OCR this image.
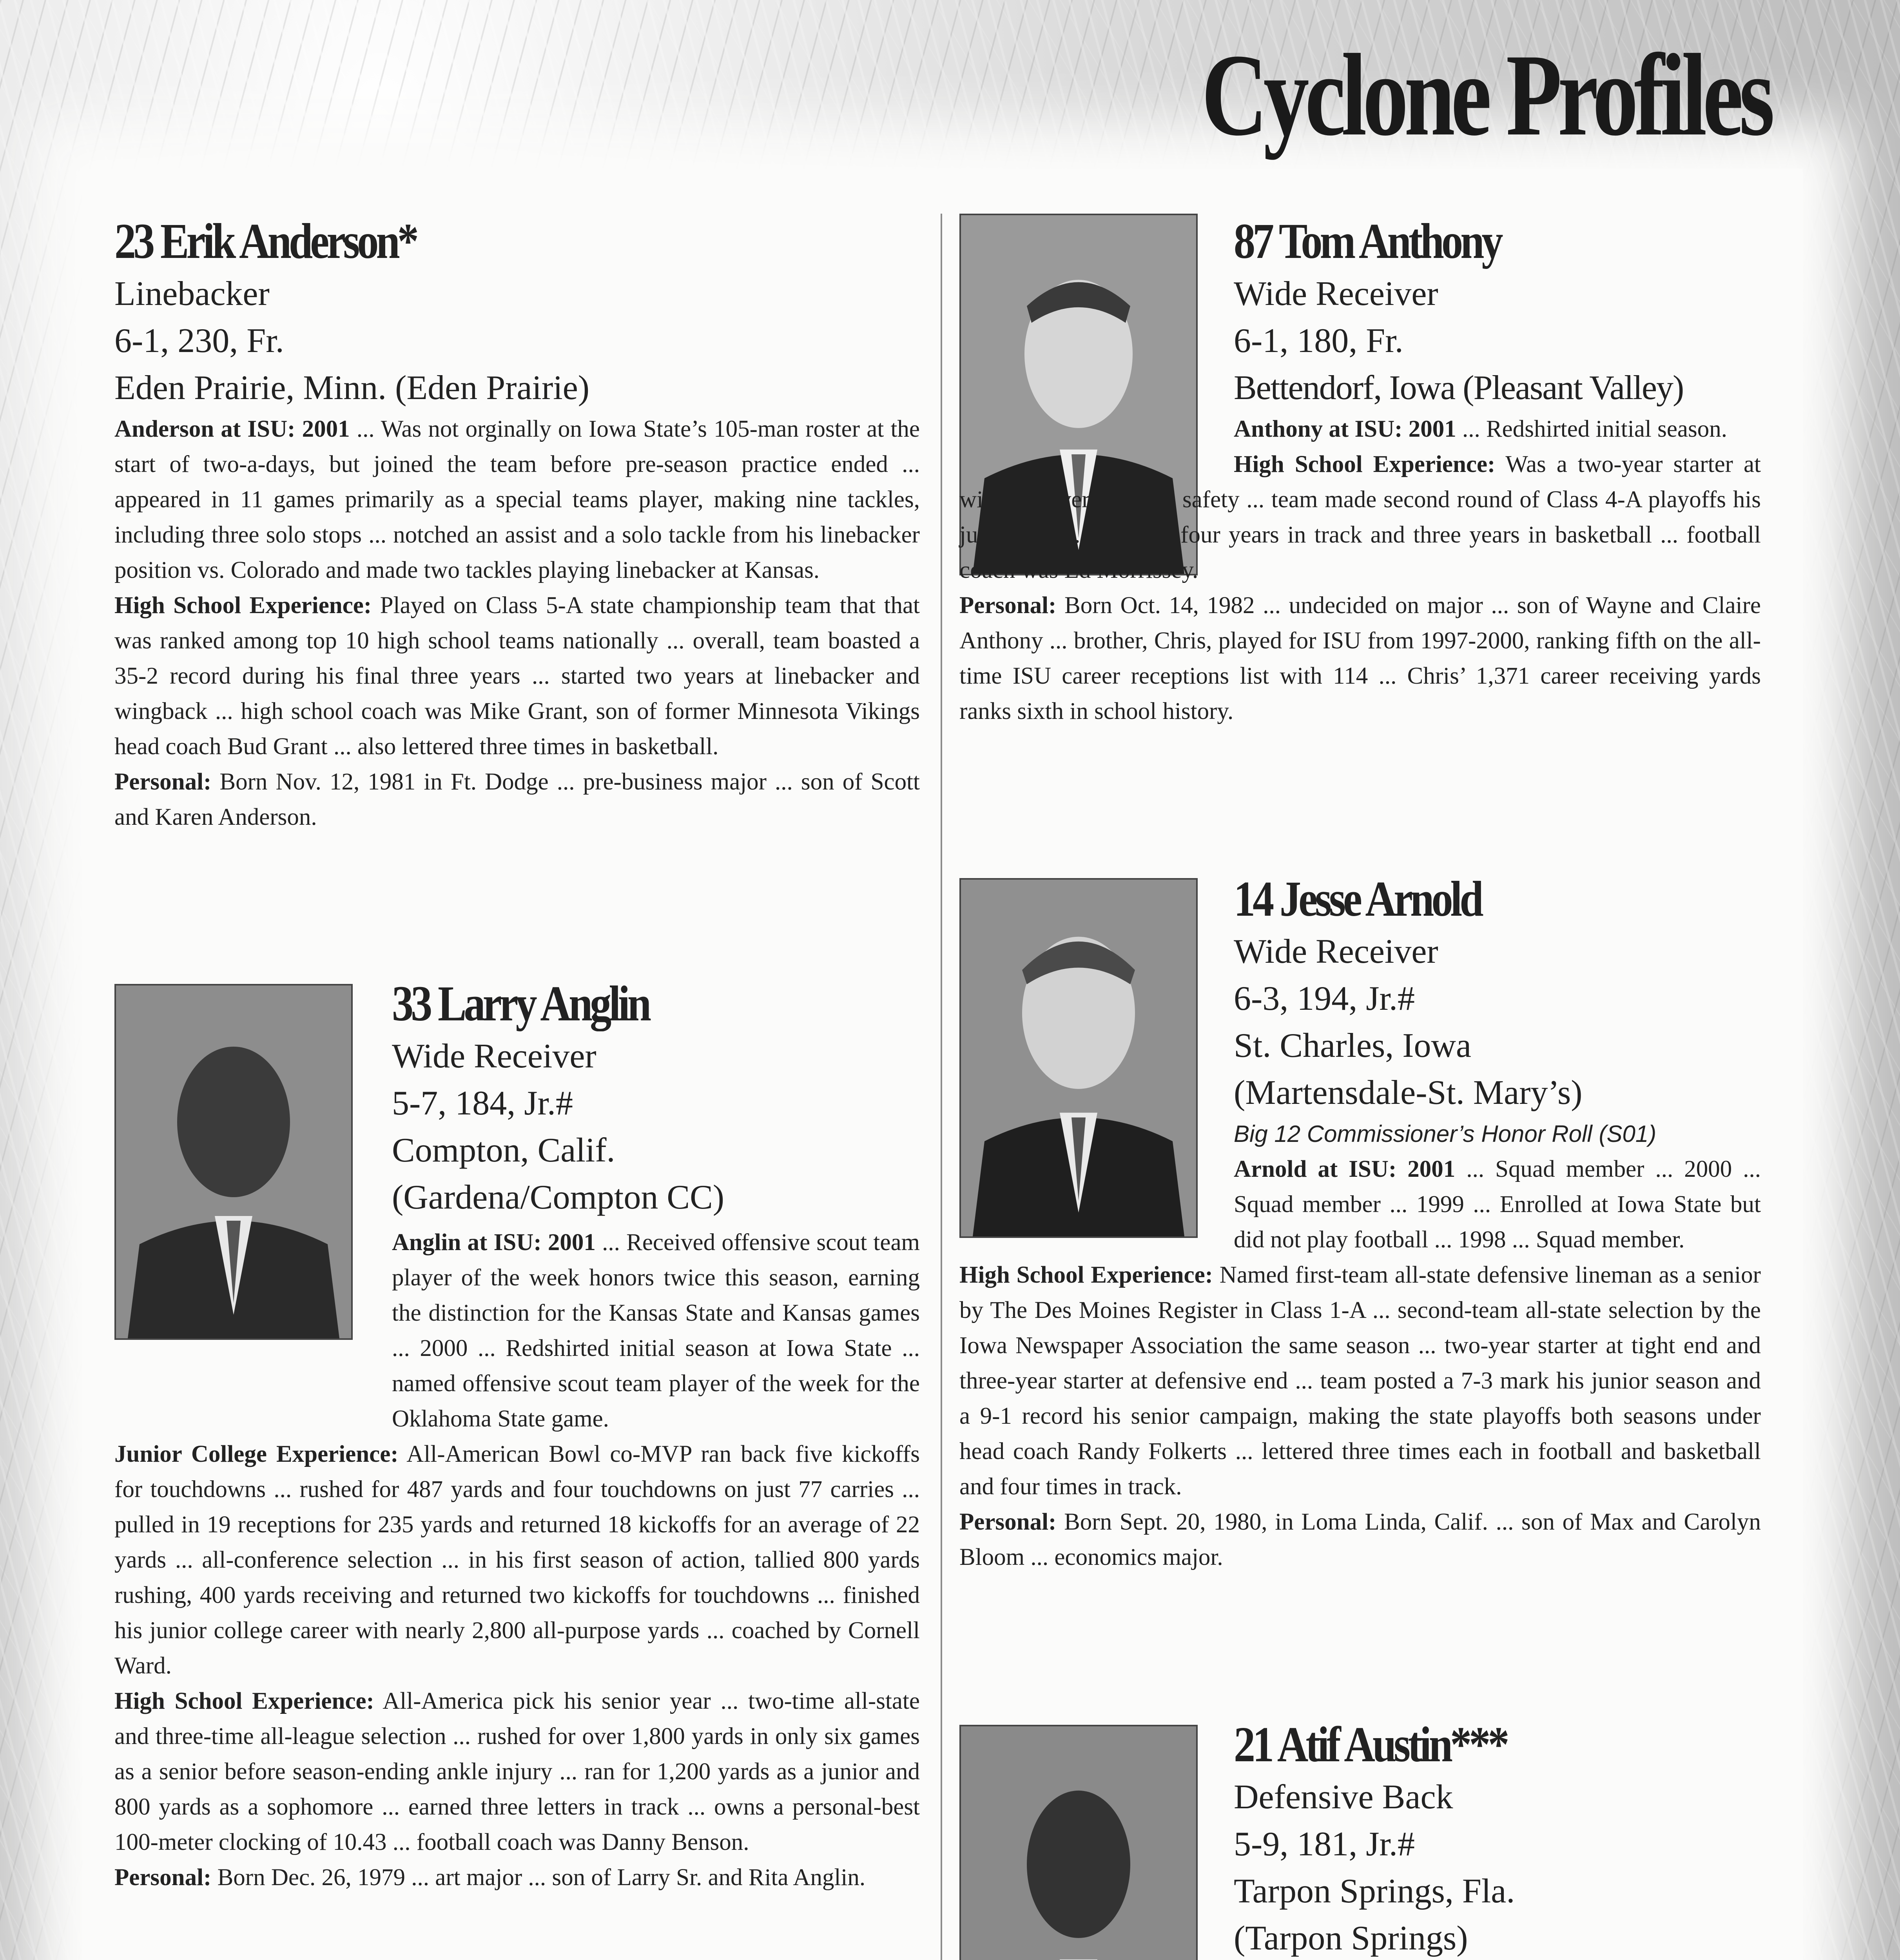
Cyclone Profiles
23 Erik Anderson*
Linebacker
6-1, 230, Fr.
Eden Prairie, Minn. (Eden Prairie)

Anderson at ISU: 2001 ... Was not orginally on Iowa State’s 105-man roster at the start of two-a-days, but joined the team before pre-season practice ended ... appeared in 11 games primarily as a special teams player, making nine tackles, including three solo stops ... notched an assist and a solo tackle from his linebacker position vs. Colorado and made two tackles playing linebacker at Kansas.

High School Experience: Played on Class 5-A state championship team that that was ranked among top 10 high school teams nationally ... overall, team boasted a 35-2 record during his final three years ... started two years at linebacker and wingback ... high school coach was Mike Grant, son of former Minnesota Vikings head coach Bud Grant ... also lettered three times in basketball.

Personal: Born Nov. 12, 1981 in Ft. Dodge ... pre-business major ... son of Scott and Karen Anderson.

33 Larry Anglin
Wide Receiver
5-7, 184, Jr.#
Compton, Calif.
(Gardena/Compton CC)

Anglin at ISU: 2001 ... Received offensive scout team player of the week honors twice this season, earning the distinction for the Kansas State and Kansas games ... 2000 ... Redshirted initial season at Iowa State ... named offensive scout team player of the week for the Oklahoma State game.

Junior College Experience: All-American Bowl co-MVP ran back five kickoffs for touchdowns ... rushed for 487 yards and four touchdowns on just 77 carries ... pulled in 19 receptions for 235 yards and returned 18 kickoffs for an average of 22 yards ... all-conference selection ... in his first season of action, tallied 800 yards rushing, 400 yards receiving and returned two kickoffs for touchdowns ... finished his junior college career with nearly 2,800 all-purpose yards ... coached by Cornell Ward.

High School Experience: All-America pick his senior year ... two-time all-state and three-time all-league selection ... rushed for over 1,800 yards in only six games as a senior before season-ending ankle injury ... ran for 1,200 yards as a junior and 800 yards as a sophomore ... earned three letters in track ... owns a personal-best 100-meter clocking of 10.43 ... football coach was Danny Benson.

Personal: Born Dec. 26, 1979 ... art major ... son of Larry Sr. and Rita Anglin.

87 Tom Anthony
Wide Receiver
6-1, 180, Fr.
Bettendorf, Iowa (Pleasant Valley)

Anthony at ISU: 2001 ... Redshirted initial season.

High School Experience: Was a two-year starter at wide receiver and free safety ... team made second round of Class 4-A playoffs his junior year ... lettered four years in track and three years in basketball ... football coach was Ed Morrissey.

Personal: Born Oct. 14, 1982 ... undecided on major ... son of Wayne and Claire Anthony ... brother, Chris, played for ISU from 1997-2000, ranking fifth on the all-time ISU career receptions list with 114 ... Chris’ 1,371 career receiving yards ranks sixth in school history.

14 Jesse Arnold
Wide Receiver
6-3, 194, Jr.#
St. Charles, Iowa
(Martensdale-St. Mary’s)
Big 12 Commissioner’s Honor Roll (S01)

Arnold at ISU: 2001 ... Squad member ... 2000 ... Squad member ... 1999 ... Enrolled at Iowa State but did not play football ... 1998 ... Squad member.

High School Experience: Named first-team all-state defensive lineman as a senior by The Des Moines Register in Class 1-A ... second-team all-state selection by the Iowa Newspaper Association the same season ... two-year starter at tight end and three-year starter at defensive end ... team posted a 7-3 mark his junior season and a 9-1 record his senior campaign, making the state playoffs both seasons under head coach Randy Folkerts ... lettered three times each in football and basketball and four times in track.

Personal: Born Sept. 20, 1980, in Loma Linda, Calif. ... son of Max and Carolyn Bloom ... economics major.

21 Atif Austin***
Defensive Back
5-9, 181, Jr.#
Tarpon Springs, Fla.
(Tarpon Springs)
